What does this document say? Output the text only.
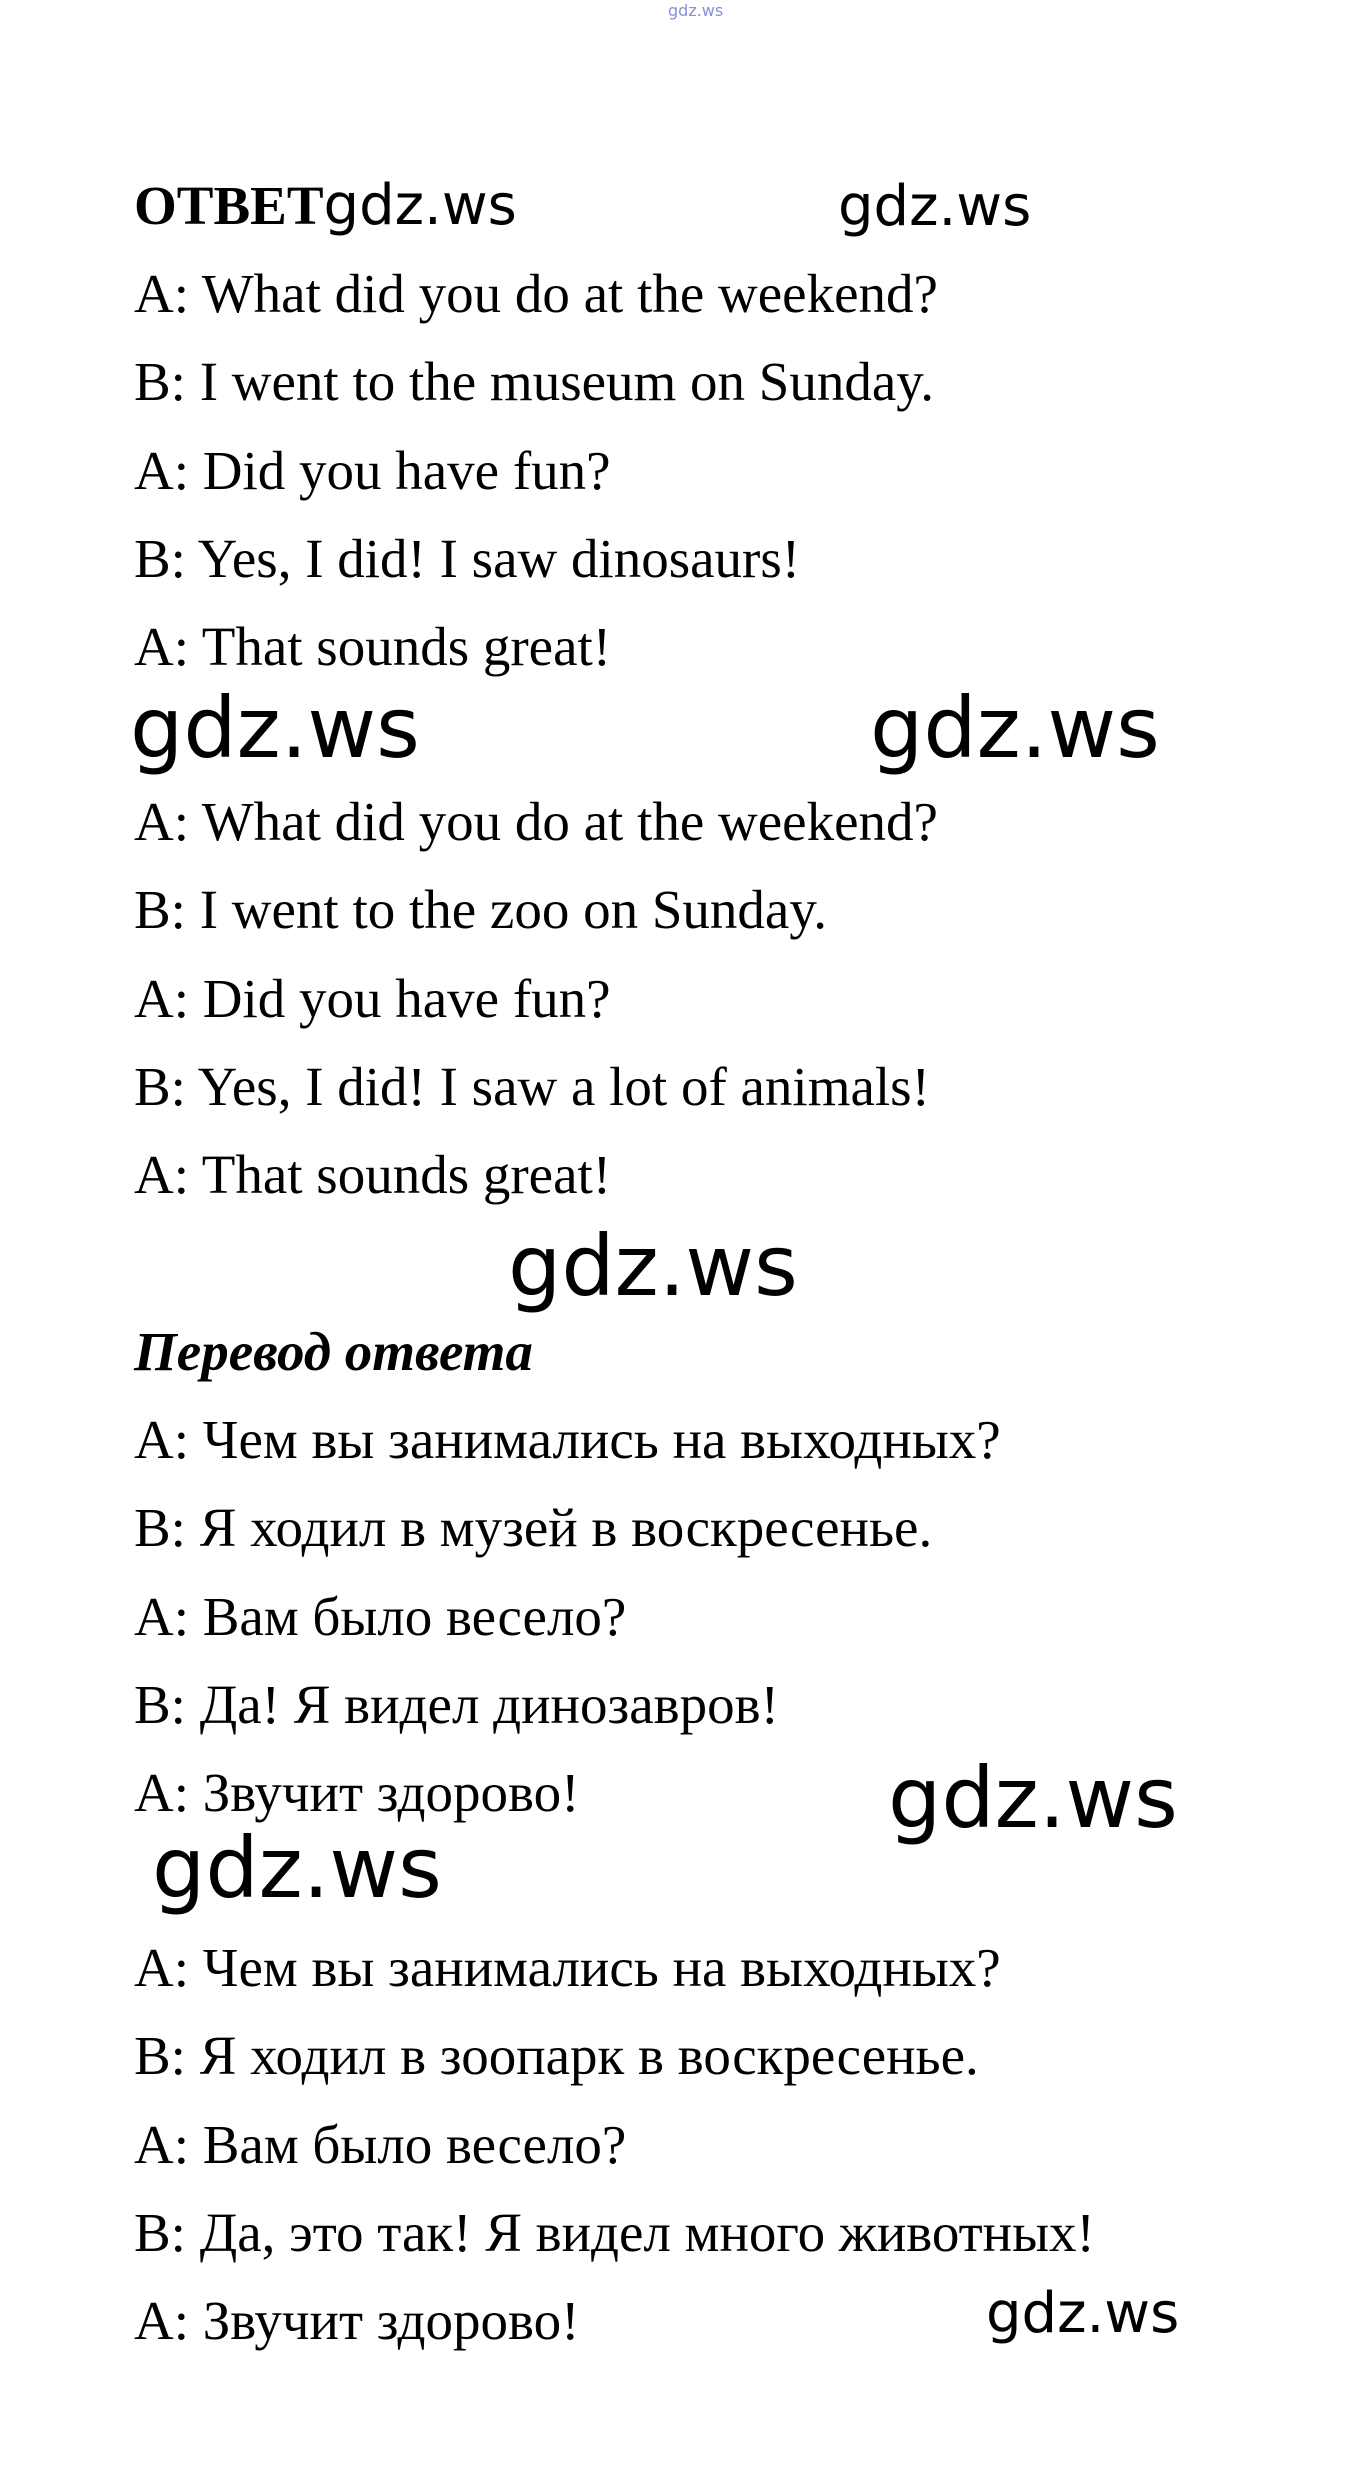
gdz.ws
ОТВЕТgdz.ws	gdz.ws
A: What did you do at the weekend?
B: I went to the museum on Sunday.
A: Did you have fun?
B: Yes, I did! I saw dinosaurs!
A: That sounds great!
gdz.ws	gdz.ws
A: What did you do at the weekend?
B: I went to the zoo on Sunday.
A: Did you have fun?
B: Yes, I did! I saw a lot of animals!
A: That sounds great!
gdz.ws
Перевод ответа
А: Чем вы занимались на выходных?
В: Я ходил в музей в воскресенье.
А: Вам было весело?
В: Да! Я видел динозавров!
А: Звучит здорово!	gdz.ws
gdz.ws
А: Чем вы занимались на выходных?
В: Я ходил в зоопарк в воскресенье.
А: Вам было весело?
В: Да, это так! Я видел много животных!
А: Звучит здорово!	gdz.ws
